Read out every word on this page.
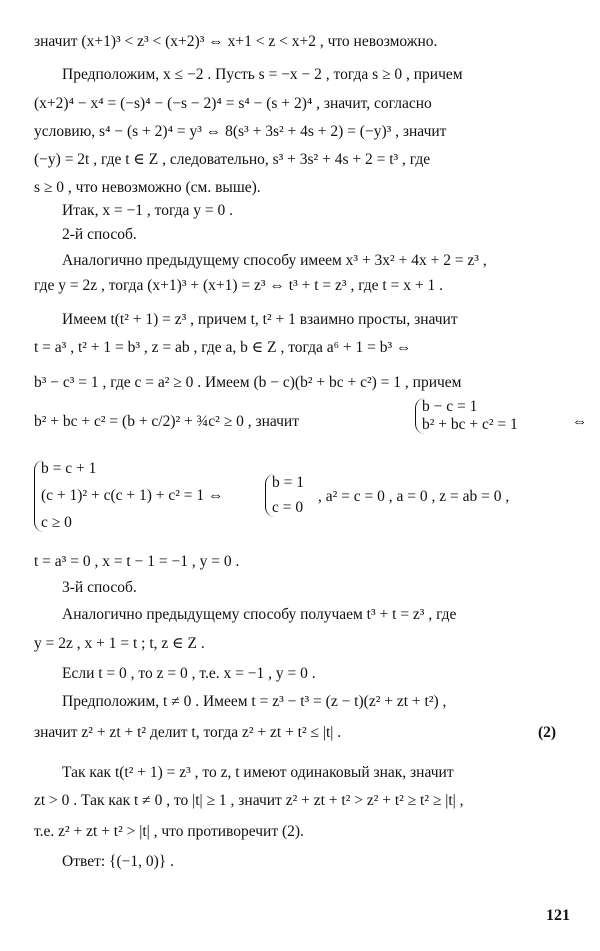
значит (x+1)³ < z³ < (x+2)³ ⇔ x+1 < z < x+2 , что невозможно.
Предположим, x ≤ −2 . Пусть s = −x − 2 , тогда s ≥ 0 , причем
(x+2)⁴ − x⁴ = (−s)⁴ − (−s − 2)⁴ = s⁴ − (s + 2)⁴ , значит, согласно
условию, s⁴ − (s + 2)⁴ = y³ ⇔ 8(s³ + 3s² + 4s + 2) = (−y)³ , значит
(−y) = 2t , где t ∈ Z , следовательно, s³ + 3s² + 4s + 2 = t³ , где
s ≥ 0 , что невозможно (см. выше).
Итак, x = −1 , тогда y = 0 .
2-й способ.
Аналогично предыдущему способу имеем x³ + 3x² + 4x + 2 = z³ ,
где y = 2z , тогда (x+1)³ + (x+1) = z³ ⇔ t³ + t = z³ , где t = x + 1 .
Имеем t(t² + 1) = z³ , причем t, t² + 1 взаимно просты, значит
t = a³ , t² + 1 = b³ , z = ab , где a, b ∈ Z , тогда a⁶ + 1 = b³ ⇔
b³ − c³ = 1 , где c = a² ≥ 0 . Имеем (b − c)(b² + bc + c²) = 1 , причем
b² + bc + c² = (b + c/2)² + ¾c² ≥ 0 , значит
b − c = 1
b² + bc + c² = 1	⇔
b = c + 1
(c + 1)² + c(c + 1) + c² = 1 ⇔
c ≥ 0
b = 1
c = 0
, a² = c = 0 , a = 0 , z = ab = 0 ,
t = a³ = 0 , x = t − 1 = −1 , y = 0 .
3-й способ.
Аналогично предыдущему способу получаем t³ + t = z³ , где
y = 2z , x + 1 = t ; t, z ∈ Z .
Если t = 0 , то z = 0 , т.е. x = −1 , y = 0 .
Предположим, t ≠ 0 . Имеем t = z³ − t³ = (z − t)(z² + zt + t²) ,
значит z² + zt + t² делит t, тогда z² + zt + t² ≤ |t| .	(2)
Так как t(t² + 1) = z³ , то z, t имеют одинаковый знак, значит
zt > 0 . Так как t ≠ 0 , то |t| ≥ 1 , значит z² + zt + t² > z² + t² ≥ t² ≥ |t| ,
т.е. z² + zt + t² > |t| , что противоречит (2).
Ответ: {(−1, 0)} .
121
